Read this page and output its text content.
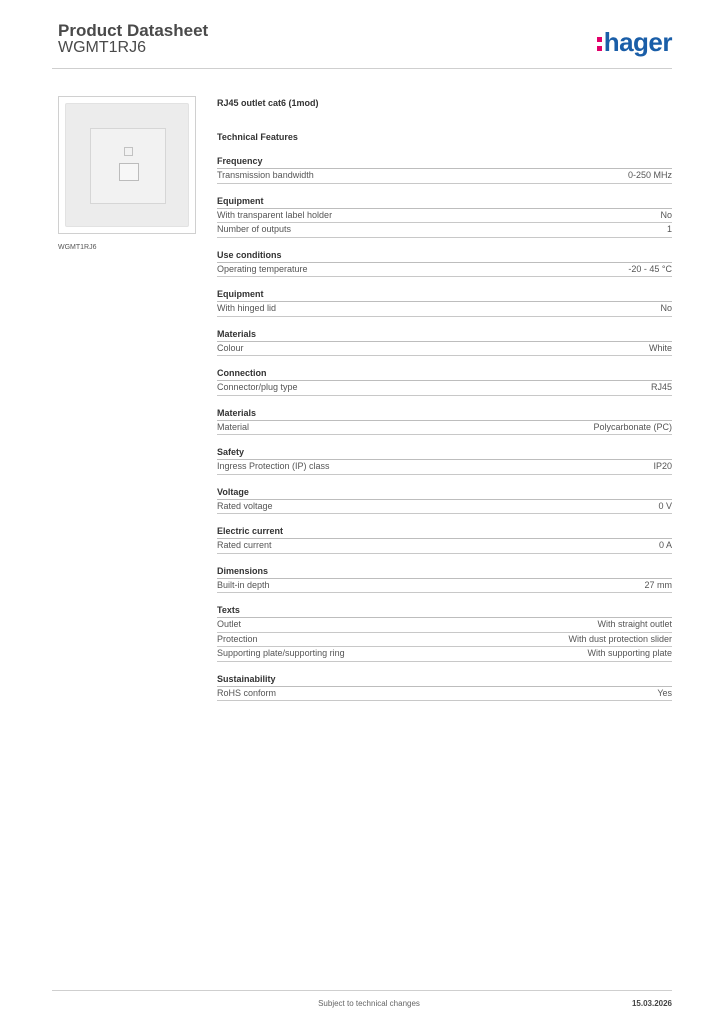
Product Datasheet
WGMT1RJ6	hager
WGMT1RJ6
RJ45 outlet cat6 (1mod)
Technical Features
Frequency
Transmission bandwidth	0-250 MHz
Equipment
With transparent label holder	No
Number of outputs	1
Use conditions
Operating temperature	-20 - 45 °C
Equipment
With hinged lid	No
Materials
Colour	White
Connection
Connector/plug type	RJ45
Materials
Material	Polycarbonate (PC)
Safety
Ingress Protection (IP) class	IP20
Voltage
Rated voltage	0 V
Electric current
Rated current	0 A
Dimensions
Built-in depth	27 mm
Texts
Outlet	With straight outlet
Protection	With dust protection slider
Supporting plate/supporting ring	With supporting plate
Sustainability
RoHS conform	Yes
Subject to technical changes	15.03.2026
